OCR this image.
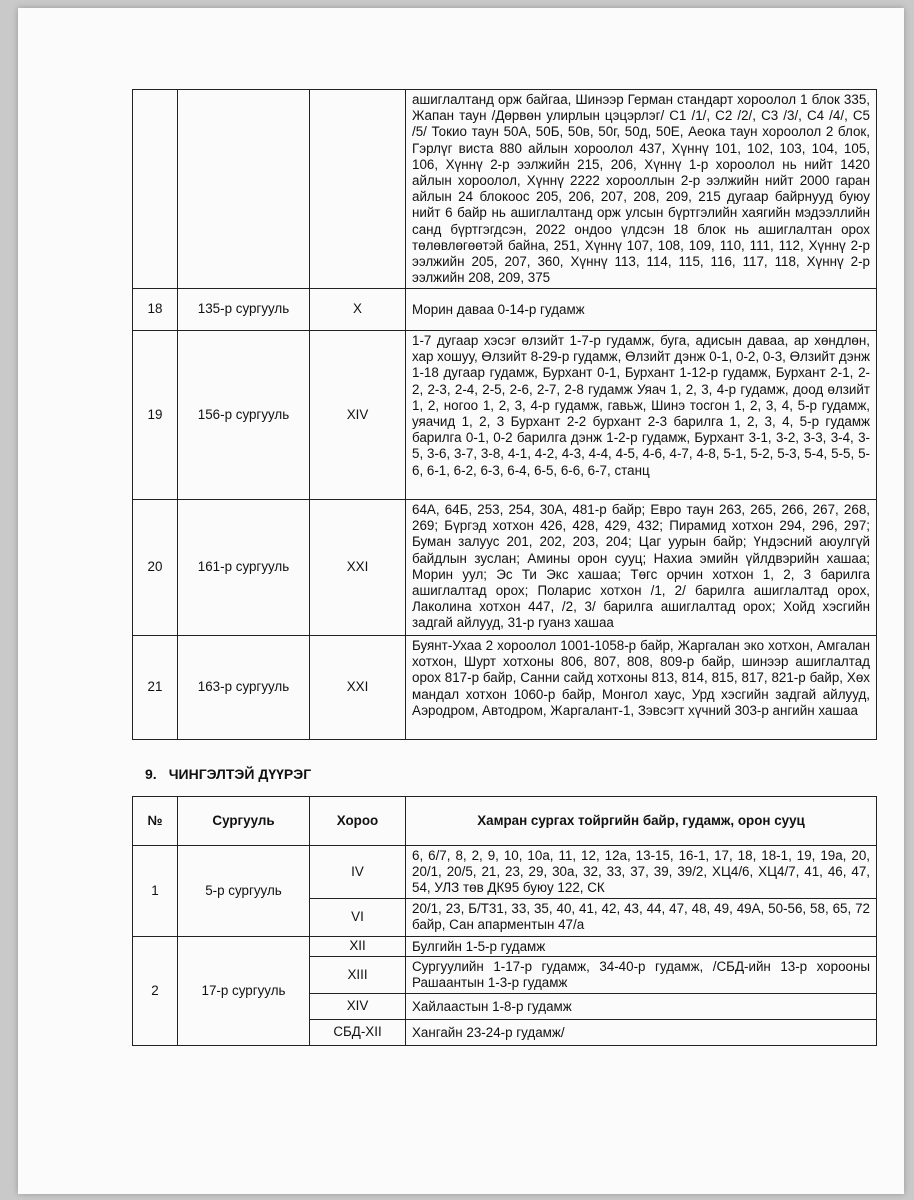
			ашиглалтанд орж байгаа, Шинээр Герман стандарт хороолол 1 блок 335, Жапан таун /Дөрвөн улирлын цэцэрлэг/ C1 /1/, С2 /2/, С3 /3/, С4 /4/, С5 /5/ Токио таун 50А, 50Б, 50в, 50г, 50д, 50Е, Аеока таун хороолол 2 блок, Гэрлүг виста 880 айлын хороолол 437, Хүннү 101, 102, 103, 104, 105, 106, Хүннү 2-р ээлжийн 215, 206, Хүннү 1-р хороолол нь нийт 1420 айлын хороолол, Хүннү 2222 хорооллын 2-р ээлжийн нийт 2000 гаран айлын 24 блокоос 205, 206, 207, 208, 209, 215 дугаар байрнууд буюу нийт 6 байр нь ашиглалтанд орж улсын бүртгэлийн хаягийн мэдээллийн санд бүртгэгдсэн, 2022 ондоо үлдсэн 18 блок нь ашиглалтан орох төлөвлөгөөтэй байна, 251, Хүннү 107, 108, 109, 110, 111, 112, Хүннү 2-р ээлжийн 205, 207, 360, Хүннү 113, 114, 115, 116, 117, 118, Хүннү 2-р ээлжийн 208, 209, 375
18	135-р сургууль	X	Морин даваа 0-14-р гудамж
19	156-р сургууль	XIV	1-7 дугаар хэсэг өлзийт 1-7-р гудамж, буга, адисын даваа, ар хөндлөн, хар хошуу, Өлзийт 8-29-р гудамж, Өлзийт дэнж 0-1, 0-2, 0-3, Өлзийт дэнж 1-18 дугаар гудамж, Бурхант 0-1, Бурхант 1-12-р гудамж, Бурхант 2-1, 2-2, 2-3, 2-4, 2-5, 2-6, 2-7, 2-8 гудамж Уяач 1, 2, 3, 4-р гудамж, доод өлзийт 1, 2, ногоо 1, 2, 3, 4-р гудамж, гавьж, Шинэ тосгон 1, 2, 3, 4, 5-р гудамж, уяачид 1, 2, 3 Бурхант 2-2 бурхант 2-3 барилга 1, 2, 3, 4, 5-р гудамж барилга 0-1, 0-2 барилга дэнж 1-2-р гудамж, Бурхант 3-1, 3-2, 3-3, 3-4, 3-5, 3-6, 3-7, 3-8, 4-1, 4-2, 4-3, 4-4, 4-5, 4-6, 4-7, 4-8, 5-1, 5-2, 5-3, 5-4, 5-5, 5-6, 6-1, 6-2, 6-3, 6-4, 6-5, 6-6, 6-7, станц
20	161-р сургууль	XXI	64А, 64Б, 253, 254, 30А, 481-р байр; Евро таун 263, 265, 266, 267, 268, 269; Бүргэд хотхон 426, 428, 429, 432; Пирамид хотхон 294, 296, 297; Буман залуус 201, 202, 203, 204; Цаг уурын байр; Үндэсний аюулгүй байдлын зуслан; Амины орон сууц; Нахиа эмийн үйлдвэрийн хашаа; Морин уул; Эс Ти Экс хашаа; Төгс орчин хотхон 1, 2, 3 барилга ашиглалтад орох; Поларис хотхон /1, 2/ барилга ашиглалтад орох, Лаколина хотхон 447, /2, 3/ барилга ашиглалтад орох; Хойд хэсгийн задгай айлууд, 31-р гуанз хашаа
21	163-р сургууль	XXI	Буянт-Ухаа 2 хороолол 1001-1058-р байр, Жаргалан эко хотхон, Амгалан хотхон, Шурт хотхоны 806, 807, 808, 809-р байр, шинээр ашиглалтад орох 817-р байр, Санни сайд хотхоны 813, 814, 815, 817, 821-р байр, Хөх мандал хотхон 1060-р байр, Монгол хаус, Урд хэсгийн задгай айлууд, Аэродром, Автодром, Жаргалант-1, Зэвсэгт хүчний 303-р ангийн хашаа
9. ЧИНГЭЛТЭЙ ДҮҮРЭГ
№	Сургууль	Хороо	Хамран сургах тойргийн байр, гудамж, орон сууц
1	5-р сургууль	IV	6, 6/7, 8, 2, 9, 10, 10а, 11, 12, 12а, 13-15, 16-1, 17, 18, 18-1, 19, 19а, 20, 20/1, 20/5, 21, 23, 29, 30а, 32, 33, 37, 39, 39/2, ХЦ4/6, ХЦ4/7, 41, 46, 47, 54, УЛЗ төв ДК95 буюу 122, СК
		VI	20/1, 23, Б/Т31, 33, 35, 40, 41, 42, 43, 44, 47, 48, 49, 49А, 50-56, 58, 65, 72 байр, Сан апарментын 47/а
2	17-р сургууль	XII	Булгийн 1-5-р гудамж
		XIII	Сургуулийн 1-17-р гудамж, 34-40-р гудамж, /СБД-ийн 13-р хорооны Рашаантын 1-3-р гудамж
		XIV	Хайлаастын 1-8-р гудамж
		СБД-XII	Хангайн 23-24-р гудамж/
